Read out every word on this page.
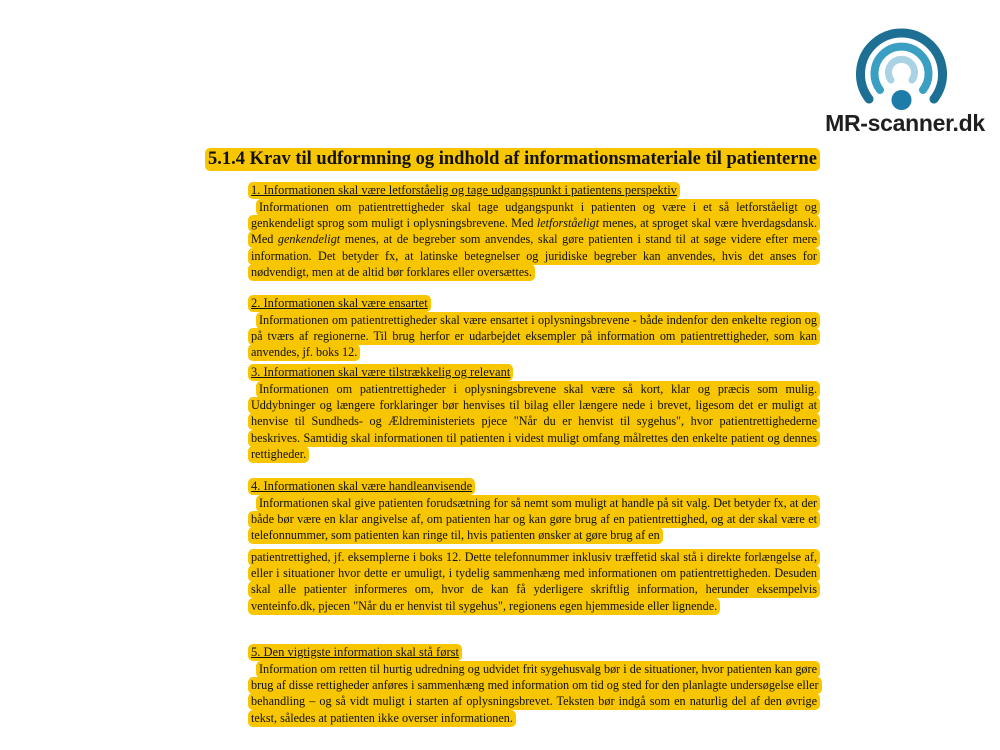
MR-scanner.dk
5.1.4 Krav til udformning og indhold af informationsmateriale til patienterne

1. Informationen skal være letforståelig og tage udgangspunkt i patientens perspektiv

Informationen om patientrettigheder skal tage udgangspunkt i patienten og være i et så letforståeligt og genkendeligt sprog som muligt i oplysningsbrevene. Med letforståeligt menes, at sproget skal være hverdagsdansk. Med genkendeligt menes, at de begreber som anvendes, skal gøre patienten i stand til at søge videre efter mere information. Det betyder fx, at latinske betegnelser og juridiske begreber kan anvendes, hvis det anses for nødvendigt, men at de altid bør forklares eller oversættes.

2. Informationen skal være ensartet

Informationen om patientrettigheder skal være ensartet i oplysningsbrevene - både indenfor den enkelte region og på tværs af regionerne. Til brug herfor er udarbejdet eksempler på information om patientrettigheder, som kan anvendes, jf. boks 12.

3. Informationen skal være tilstrækkelig og relevant

Informationen om patientrettigheder i oplysningsbrevene skal være så kort, klar og præcis som mulig. Uddybninger og længere forklaringer bør henvises til bilag eller længere nede i brevet, ligesom det er muligt at henvise til Sundheds- og Ældreministeriets pjece "Når du er henvist til sygehus", hvor patientrettighederne beskrives. Samtidig skal informationen til patienten i videst muligt omfang målrettes den enkelte patient og dennes rettigheder.

4. Informationen skal være handleanvisende

Informationen skal give patienten forudsætning for så nemt som muligt at handle på sit valg. Det betyder fx, at der både bør være en klar angivelse af, om patienten har og kan gøre brug af en patientrettighed, og at der skal være et telefonnummer, som patienten kan ringe til, hvis patienten ønsker at gøre brug af en

patientrettighed, jf. eksemplerne i boks 12. Dette telefonnummer inklusiv træffetid skal stå i direkte forlængelse af, eller i situationer hvor dette er umuligt, i tydelig sammenhæng med informationen om patientrettigheden. Desuden skal alle patienter informeres om, hvor de kan få yderligere skriftlig information, herunder eksempelvis venteinfo.dk, pjecen "Når du er henvist til sygehus", regionens egen hjemmeside eller lignende.

5. Den vigtigste information skal stå først

Information om retten til hurtig udredning og udvidet frit sygehusvalg bør i de situationer, hvor patienten kan gøre brug af disse rettigheder anføres i sammenhæng med information om tid og sted for den planlagte undersøgelse eller behandling – og så vidt muligt i starten af oplysningsbrevet. Teksten bør indgå som en naturlig del af den øvrige tekst, således at patienten ikke overser informationen.
